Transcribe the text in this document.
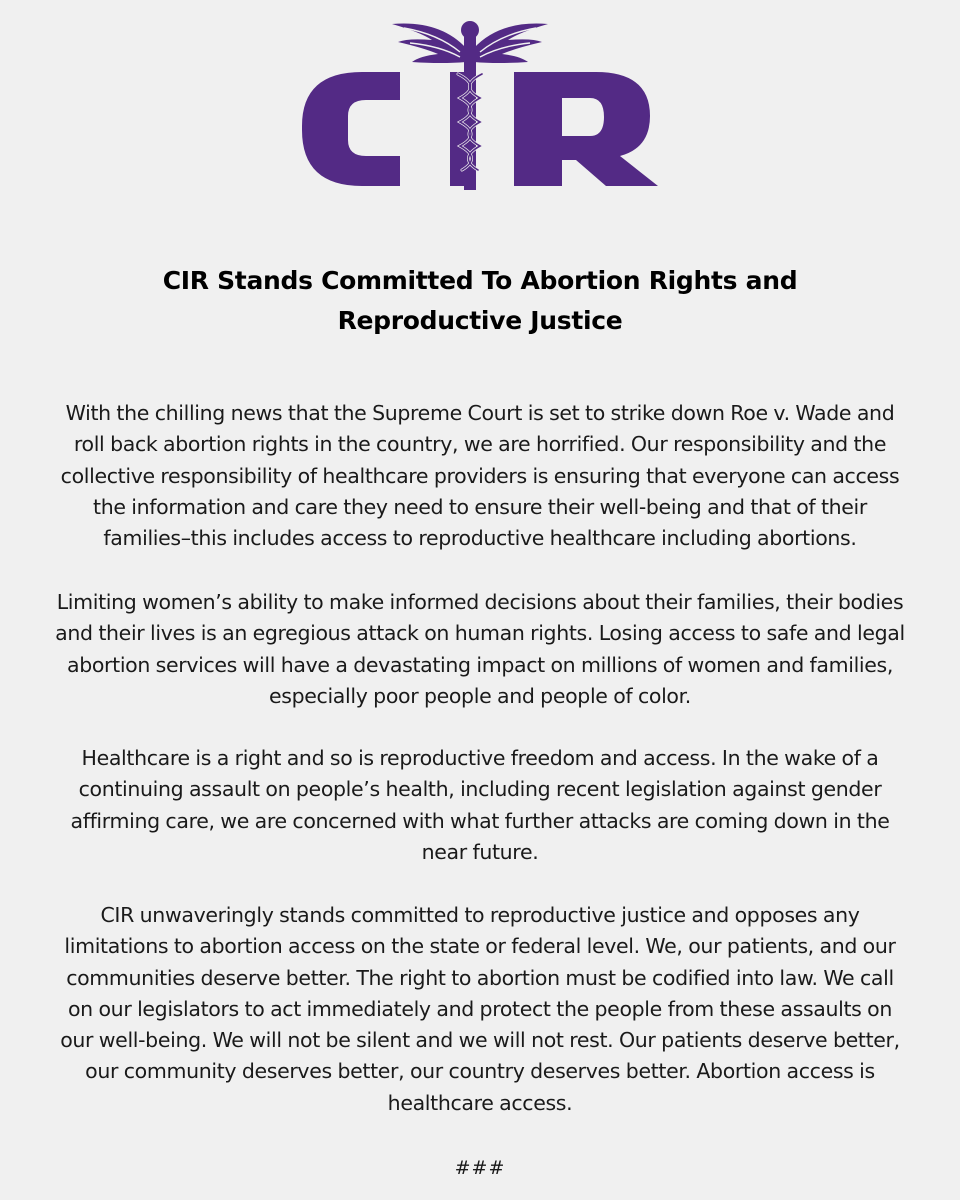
CIR Stands Committed To Abortion Rights and
Reproductive Justice

With the chilling news that the Supreme Court is set to strike down Roe v. Wade and
roll back abortion rights in the country, we are horrified. Our responsibility and the
collective responsibility of healthcare providers is ensuring that everyone can access
the information and care they need to ensure their well-being and that of their
families–this includes access to reproductive healthcare including abortions.

Limiting women’s ability to make informed decisions about their families, their bodies
and their lives is an egregious attack on human rights. Losing access to safe and legal
abortion services will have a devastating impact on millions of women and families,
especially poor people and people of color.

Healthcare is a right and so is reproductive freedom and access. In the wake of a
continuing assault on people’s health, including recent legislation against gender
affirming care, we are concerned with what further attacks are coming down in the
near future.

CIR unwaveringly stands committed to reproductive justice and opposes any
limitations to abortion access on the state or federal level. We, our patients, and our
communities deserve better. The right to abortion must be codified into law. We call
on our legislators to act immediately and protect the people from these assaults on
our well-being. We will not be silent and we will not rest. Our patients deserve better,
our community deserves better, our country deserves better. Abortion access is
healthcare access.

###
